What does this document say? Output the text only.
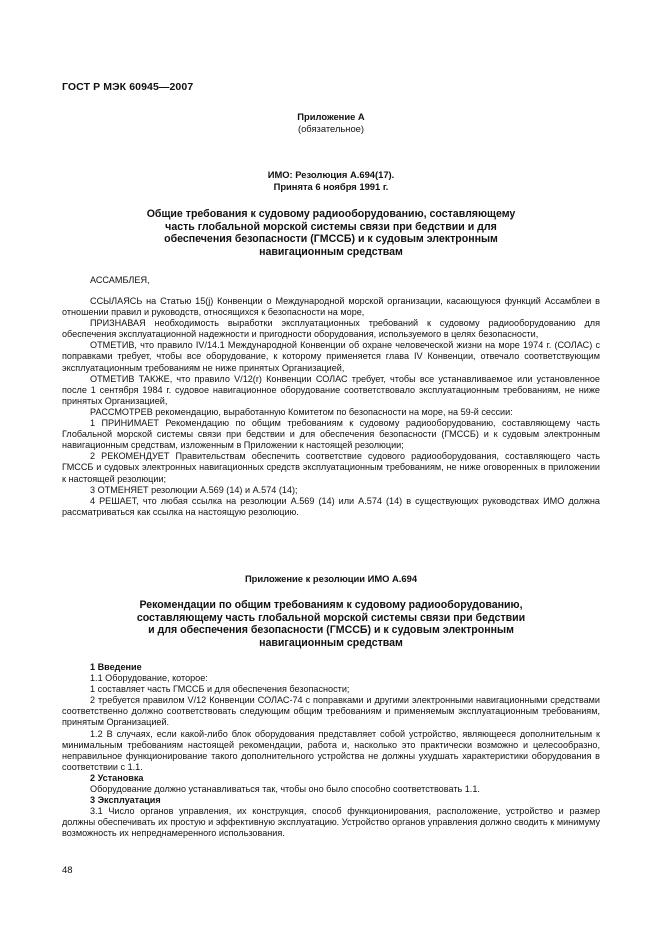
ГОСТ Р МЭК 60945—2007
Приложение А
(обязательное)
ИМО: Резолюция А.694(17).
Принята 6 ноября 1991 г.
Общие требования к судовому радиооборудованию, составляющему
часть глобальной морской системы связи при бедствии и для
обеспечения безопасности (ГМССБ) и к судовым электронным
навигационным средствам

АССАМБЛЕЯ,

ССЫЛАЯСЬ на Статью 15(j) Конвенции о Международной морской организации, касающуюся функций Ассамблеи в отношении правил и руководств, относящихся к безопасности на море,

ПРИЗНАВАЯ необходимость выработки эксплуатационных требований к судовому радиооборудованию для обеспечения эксплуатационной надежности и пригодности оборудования, используемого в целях безопасности,

ОТМЕТИВ, что правило IV/14.1 Международной Конвенции об охране человеческой жизни на море 1974 г. (СОЛАС) с поправками требует, чтобы все оборудование, к которому применяется глава IV Конвенции, отвечало соответствующим эксплуатационным требованиям не ниже принятых Организацией,

ОТМЕТИВ ТАКЖЕ, что правило V/12(r) Конвенции СОЛАС требует, чтобы все устанавливаемое или установленное после 1 сентября 1984 г. судовое навигационное оборудование соответствовало эксплуатационным требованиям, не ниже принятых Организацией,

РАССМОТРЕВ рекомендацию, выработанную Комитетом по безопасности на море, на 59-й сессии:

1 ПРИНИМАЕТ Рекомендацию по общим требованиям к судовому радиооборудованию, составляющему часть Глобальной морской системы связи при бедствии и для обеспечения безопасности (ГМССБ) и к судовым электронным навигационным средствам, изложенным в Приложении к настоящей резолюции;

2 РЕКОМЕНДУЕТ Правительствам обеспечить соответствие судового радиооборудования, составляющего часть ГМССБ и судовых электронных навигационных средств эксплуатационным требованиям, не ниже оговоренных в приложении к настоящей резолюции;

3 ОТМЕНЯЕТ резолюции А.569 (14) и А.574 (14);

4 РЕШАЕТ, что любая ссылка на резолюции А.569 (14) или А.574 (14) в существующих руководствах ИМО должна рассматриваться как ссылка на настоящую резолюцию.

Приложение к резолюции ИМО А.694
Рекомендации по общим требованиям к судовому радиооборудованию,
составляющему часть глобальной морской системы связи при бедствии
и для обеспечения безопасности (ГМССБ) и к судовым электронным
навигационным средствам

1 Введение

1.1 Оборудование, которое:

1 составляет часть ГМССБ и для обеспечения безопасности;

2 требуется правилом V/12 Конвенции СОЛАС-74 с поправками и другими электронными навигационными средствами соответственно должно соответствовать следующим общим требованиям и применяемым эксплуатационным требованиям, принятым Организацией.

1.2 В случаях, если какой-либо блок оборудования представляет собой устройство, являющееся дополнительным к минимальным требованиям настоящей рекомендации, работа и, насколько это практически возможно и целесообразно, неправильное функционирование такого дополнительного устройства не должны ухудшать характеристики оборудования в соответствии с 1.1.

2 Установка

Оборудование должно устанавливаться так, чтобы оно было способно соответствовать 1.1.

3 Эксплуатация

3.1 Число органов управления, их конструкция, способ функционирования, расположение, устройство и размер должны обеспечивать их простую и эффективную эксплуатацию. Устройство органов управления должно сводить к минимуму возможность их непреднамеренного использования.

48
